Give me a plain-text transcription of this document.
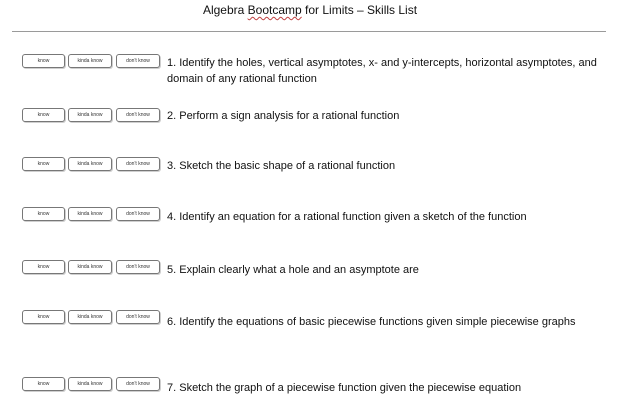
Algebra Bootcamp for Limits – Skills List
know	kinda know	don't know	1. Identify the holes, vertical asymptotes, x- and y-intercepts, horizontal asymptotes, and domain of any rational function
know	kinda know	don't know	2. Perform a sign analysis for a rational function
know	kinda know	don't know	3. Sketch the basic shape of a rational function
know	kinda know	don't know	4. Identify an equation for a rational function given a sketch of the function
know	kinda know	don't know	5. Explain clearly what a hole and an asymptote are
know	kinda know	don't know	6. Identify the equations of basic piecewise functions given simple piecewise graphs
know	kinda know	don't know	7. Sketch the graph of a piecewise function given the piecewise equation
